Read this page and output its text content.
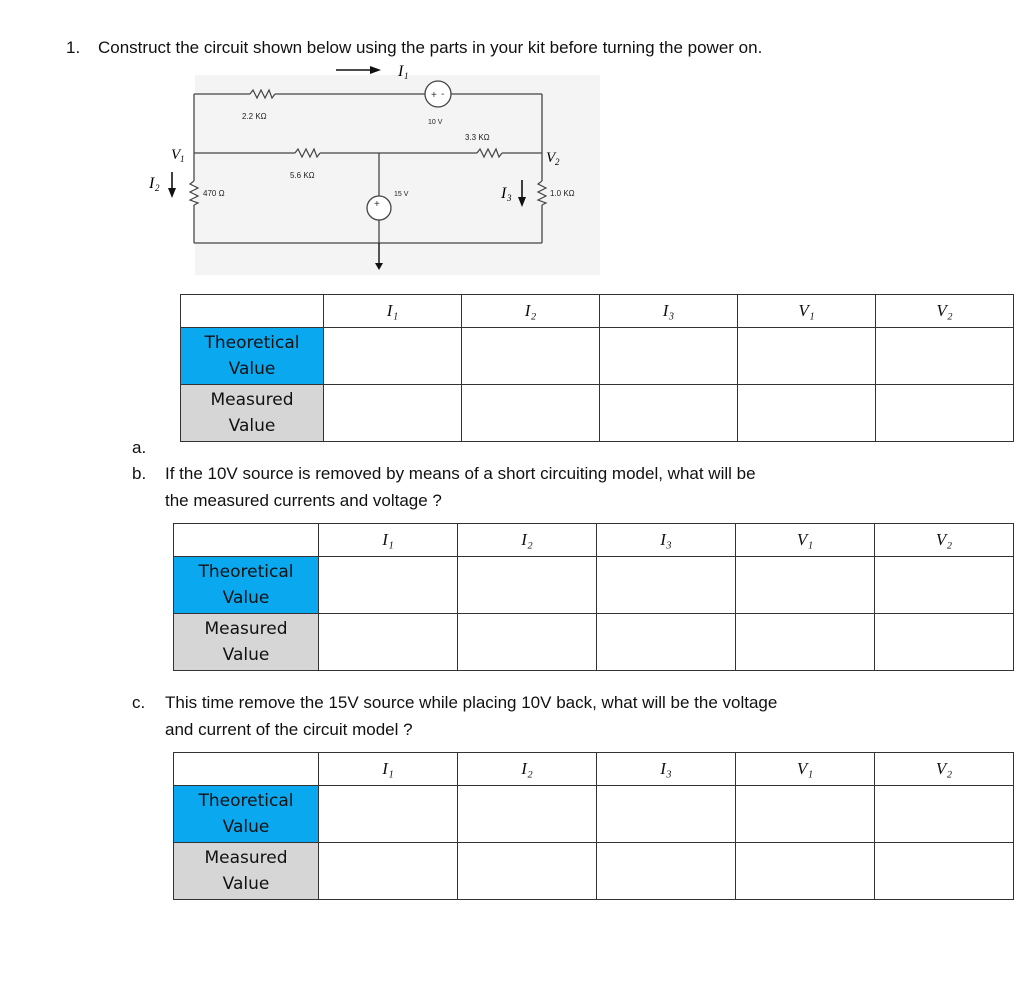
1. Construct the circuit shown below using the parts in your kit before turning the power on.
+ -
+
I 1
I 2	I 3
V 1	V 2
2.2 KΩ
10 V
5.6 KΩ
3.3 KΩ
470 Ω	15 V	1.0 KΩ
	I₁	I₂	I₃	V₁	V₂
Theoretical
Value					
Measured
Value					
a.
b. If the 10V source is removed by means of a short circuiting model, what will be
the measured currents and voltage ?
	I₁	I₂	I₃	V₁	V₂
Theoretical
Value					
Measured
Value					
c. This time remove the 15V source while placing 10V back, what will be the voltage
and current of the circuit model ?
	I₁	I₂	I₃	V₁	V₂
Theoretical
Value					
Measured
Value					
